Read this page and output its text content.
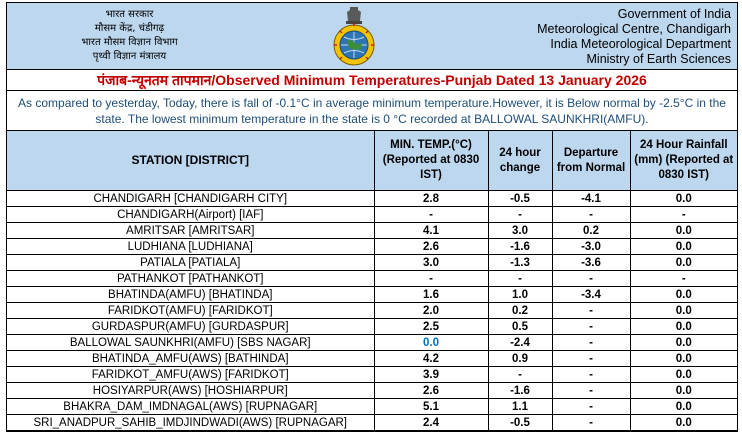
भारत सरकार
मौसम केंद्र, चंडीगढ़
भारत मौसम विज्ञान विभाग
पृथ्वी विज्ञान मंत्रालय
Government of India
Meteorological Centre, Chandigarh
India Meteorological Department
Ministry of Earth Sciences
पंजाब-न्यूनतम तापमान/Observed Minimum Temperatures-Punjab Dated 13 January 2026
As compared to yesterday, Today, there is fall of -0.1°C in average minimum temperature.However, it is Below normal by -2.5°C in the state. The lowest minimum temperature in the state is 0 °C recorded at BALLOWAL SAUNKHRI(AMFU).
STATION [DISTRICT]	MIN. TEMP.(°C) (Reported at 0830 IST)	24 hour change	Departure from Normal	24 Hour Rainfall (mm) (Reported at 0830 IST)
CHANDIGARH [CHANDIGARH CITY]	2.8	-0.5	-4.1	0.0
CHANDIGARH(Airport) [IAF]	-	-	-	-
AMRITSAR [AMRITSAR]	4.1	3.0	0.2	0.0
LUDHIANA [LUDHIANA]	2.6	-1.6	-3.0	0.0
PATIALA [PATIALA]	3.0	-1.3	-3.6	0.0
PATHANKOT [PATHANKOT]	-	-	-	-
BHATINDA(AMFU) [BHATINDA]	1.6	1.0	-3.4	0.0
FARIDKOT(AMFU) [FARIDKOT]	2.0	0.2	-	0.0
GURDASPUR(AMFU) [GURDASPUR]	2.5	0.5	-	0.0
BALLOWAL SAUNKHRI(AMFU) [SBS NAGAR]	0.0	-2.4	-	0.0
BHATINDA_AMFU(AWS) [BATHINDA]	4.2	0.9	-	0.0
FARIDKOT_AMFU(AWS) [FARIDKOT]	3.9	-	-	0.0
HOSIYARPUR(AWS) [HOSHIARPUR]	2.6	-1.6	-	0.0
BHAKRA_DAM_IMDNAGAL(AWS) [RUPNAGAR]	5.1	1.1	-	0.0
SRI_ANADPUR_SAHIB_IMDJINDWADI(AWS) [RUPNAGAR]	2.4	-0.5	-	0.0
